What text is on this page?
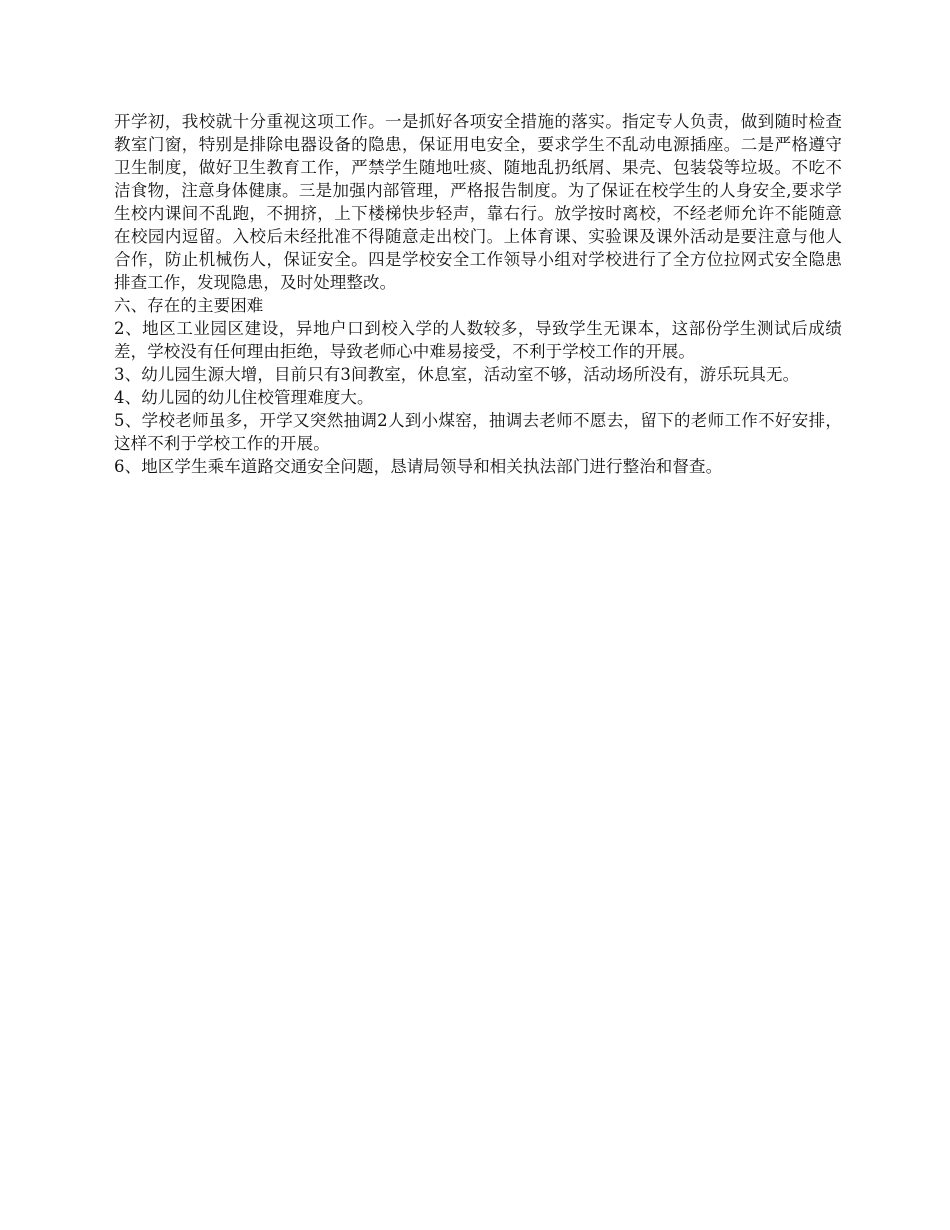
开学初，我校就十分重视这项工作。一是抓好各项安全措施的落实。指定专人负责，做到随时检查教室门窗，特别是排除电器设备的隐患，保证用电安全，要求学生不乱动电源插座。二是严格遵守卫生制度，做好卫生教育工作，严禁学生随地吐痰、随地乱扔纸屑、果壳、包装袋等垃圾。不吃不洁食物，注意身体健康。三是加强内部管理，严格报告制度。为了保证在校学生的人身安全,要求学生校内课间不乱跑，不拥挤，上下楼梯快步轻声，靠右行。放学按时离校，不经老师允许不能随意在校园内逗留。入校后未经批准不得随意走出校门。上体育课、实验课及课外活动是要注意与他人合作，防止机械伤人，保证安全。四是学校安全工作领导小组对学校进行了全方位拉网式安全隐患排查工作，发现隐患，及时处理整改。

六、存在的主要困难

2、地区工业园区建设，异地户口到校入学的人数较多，导致学生无课本，这部份学生测试后成绩差，学校没有任何理由拒绝，导致老师心中难易接受，不利于学校工作的开展。

3、幼儿园生源大增，目前只有3间教室，休息室，活动室不够，活动场所没有，游乐玩具无。

4、幼儿园的幼儿住校管理难度大。

5、学校老师虽多，开学又突然抽调2人到小煤窑，抽调去老师不愿去，留下的老师工作不好安排，这样不利于学校工作的开展。

6、地区学生乘车道路交通安全问题，恳请局领导和相关执法部门进行整治和督查。
